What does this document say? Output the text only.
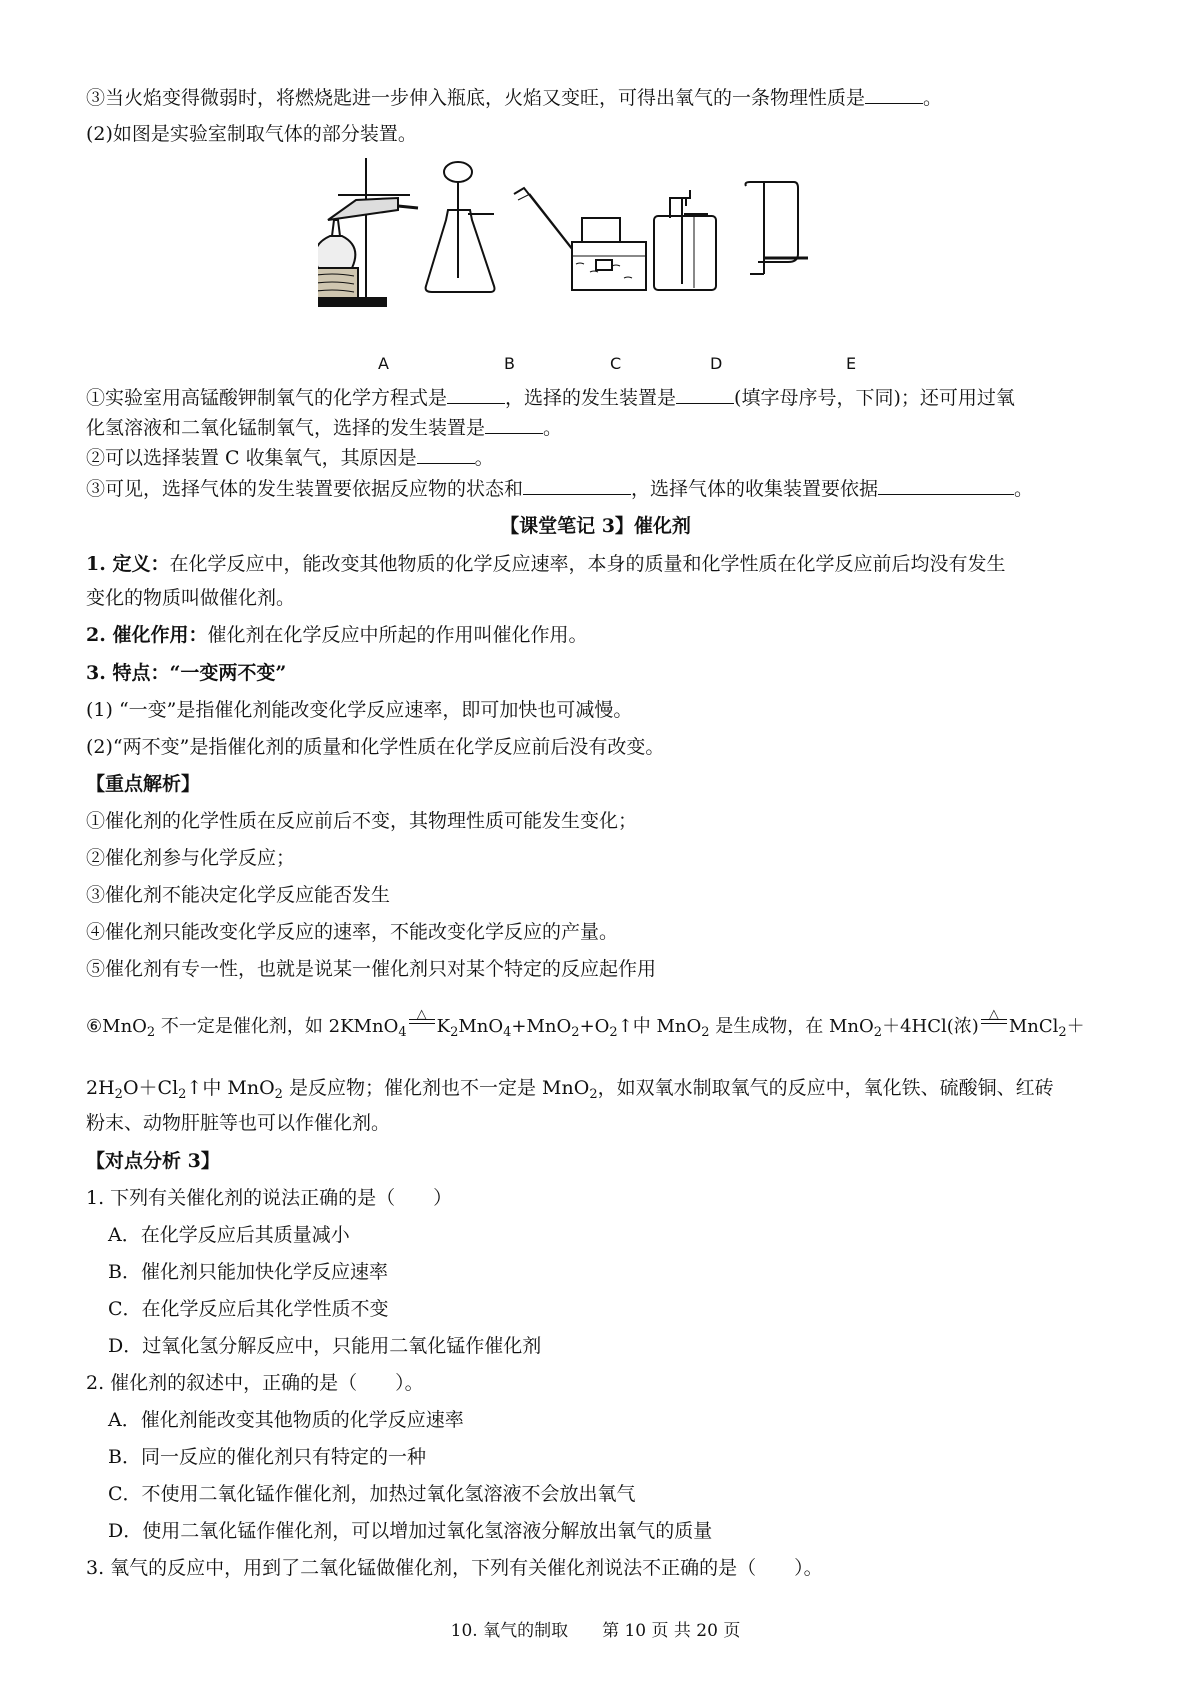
③当火焰变得微弱时，将燃烧匙进一步伸入瓶底，火焰又变旺，可得出氧气的一条物理性质是	。
(2)如图是实验室制取气体的部分装置。
A	B	C	D	E
①实验室用高锰酸钾制氧气的化学方程式是	，选择的发生装置是	(填字母序号，下同)；还可用过氧
化氢溶液和二氧化锰制氧气，选择的发生装置是	。
②可以选择装置 C 收集氧气，其原因是	。
③可见，选择气体的发生装置要依据反应物的状态和	，选择气体的收集装置要依据	。
【课堂笔记 3】催化剂
1. 定义：在化学反应中，能改变其他物质的化学反应速率，本身的质量和化学性质在化学反应前后均没有发生
变化的物质叫做催化剂。
2. 催化作用：催化剂在化学反应中所起的作用叫催化作用。
3. 特点：“一变两不变”
(1) “一变”是指催化剂能改变化学反应速率，即可加快也可减慢。
(2)“两不变”是指催化剂的质量和化学性质在化学反应前后没有改变。
【重点解析】
①催化剂的化学性质在反应前后不变，其物理性质可能发生变化；
②催化剂参与化学反应；
③催化剂不能决定化学反应能否发生
④催化剂只能改变化学反应的速率，不能改变化学反应的产量。
⑤催化剂有专一性，也就是说某一催化剂只对某个特定的反应起作用
⑥MnO$_2$ 不一定是催化剂，如 2KMnO$_4$
△
$K_2MnO_4+MnO_2+O_2↑$中 MnO$_2$ 是生成物，在 MnO$_2$＋4HCl(浓)
△
MnCl$_2$＋
$2H_2O+Cl_2↑$中 MnO$_2$ 是反应物；催化剂也不一定是 MnO$_2$，如双氧水制取氧气的反应中，氧化铁、硫酸铜、红砖
粉末、动物肝脏等也可以作催化剂。
【对点分析 3】
1. 下列有关催化剂的说法正确的是（　　）
A．在化学反应后其质量减小
B．催化剂只能加快化学反应速率
C．在化学反应后其化学性质不变
D．过氧化氢分解反应中，只能用二氧化锰作催化剂
2. 催化剂的叙述中，正确的是（　　）。
A．催化剂能改变其他物质的化学反应速率
B．同一反应的催化剂只有特定的一种
C．不使用二氧化锰作催化剂，加热过氧化氢溶液不会放出氧气
D．使用二氧化锰作催化剂，可以增加过氧化氢溶液分解放出氧气的质量
3. 氧气的反应中，用到了二氧化锰做催化剂，下列有关催化剂说法不正确的是（　　）。
10. 氧气的制取　　第 10 页 共 20 页
